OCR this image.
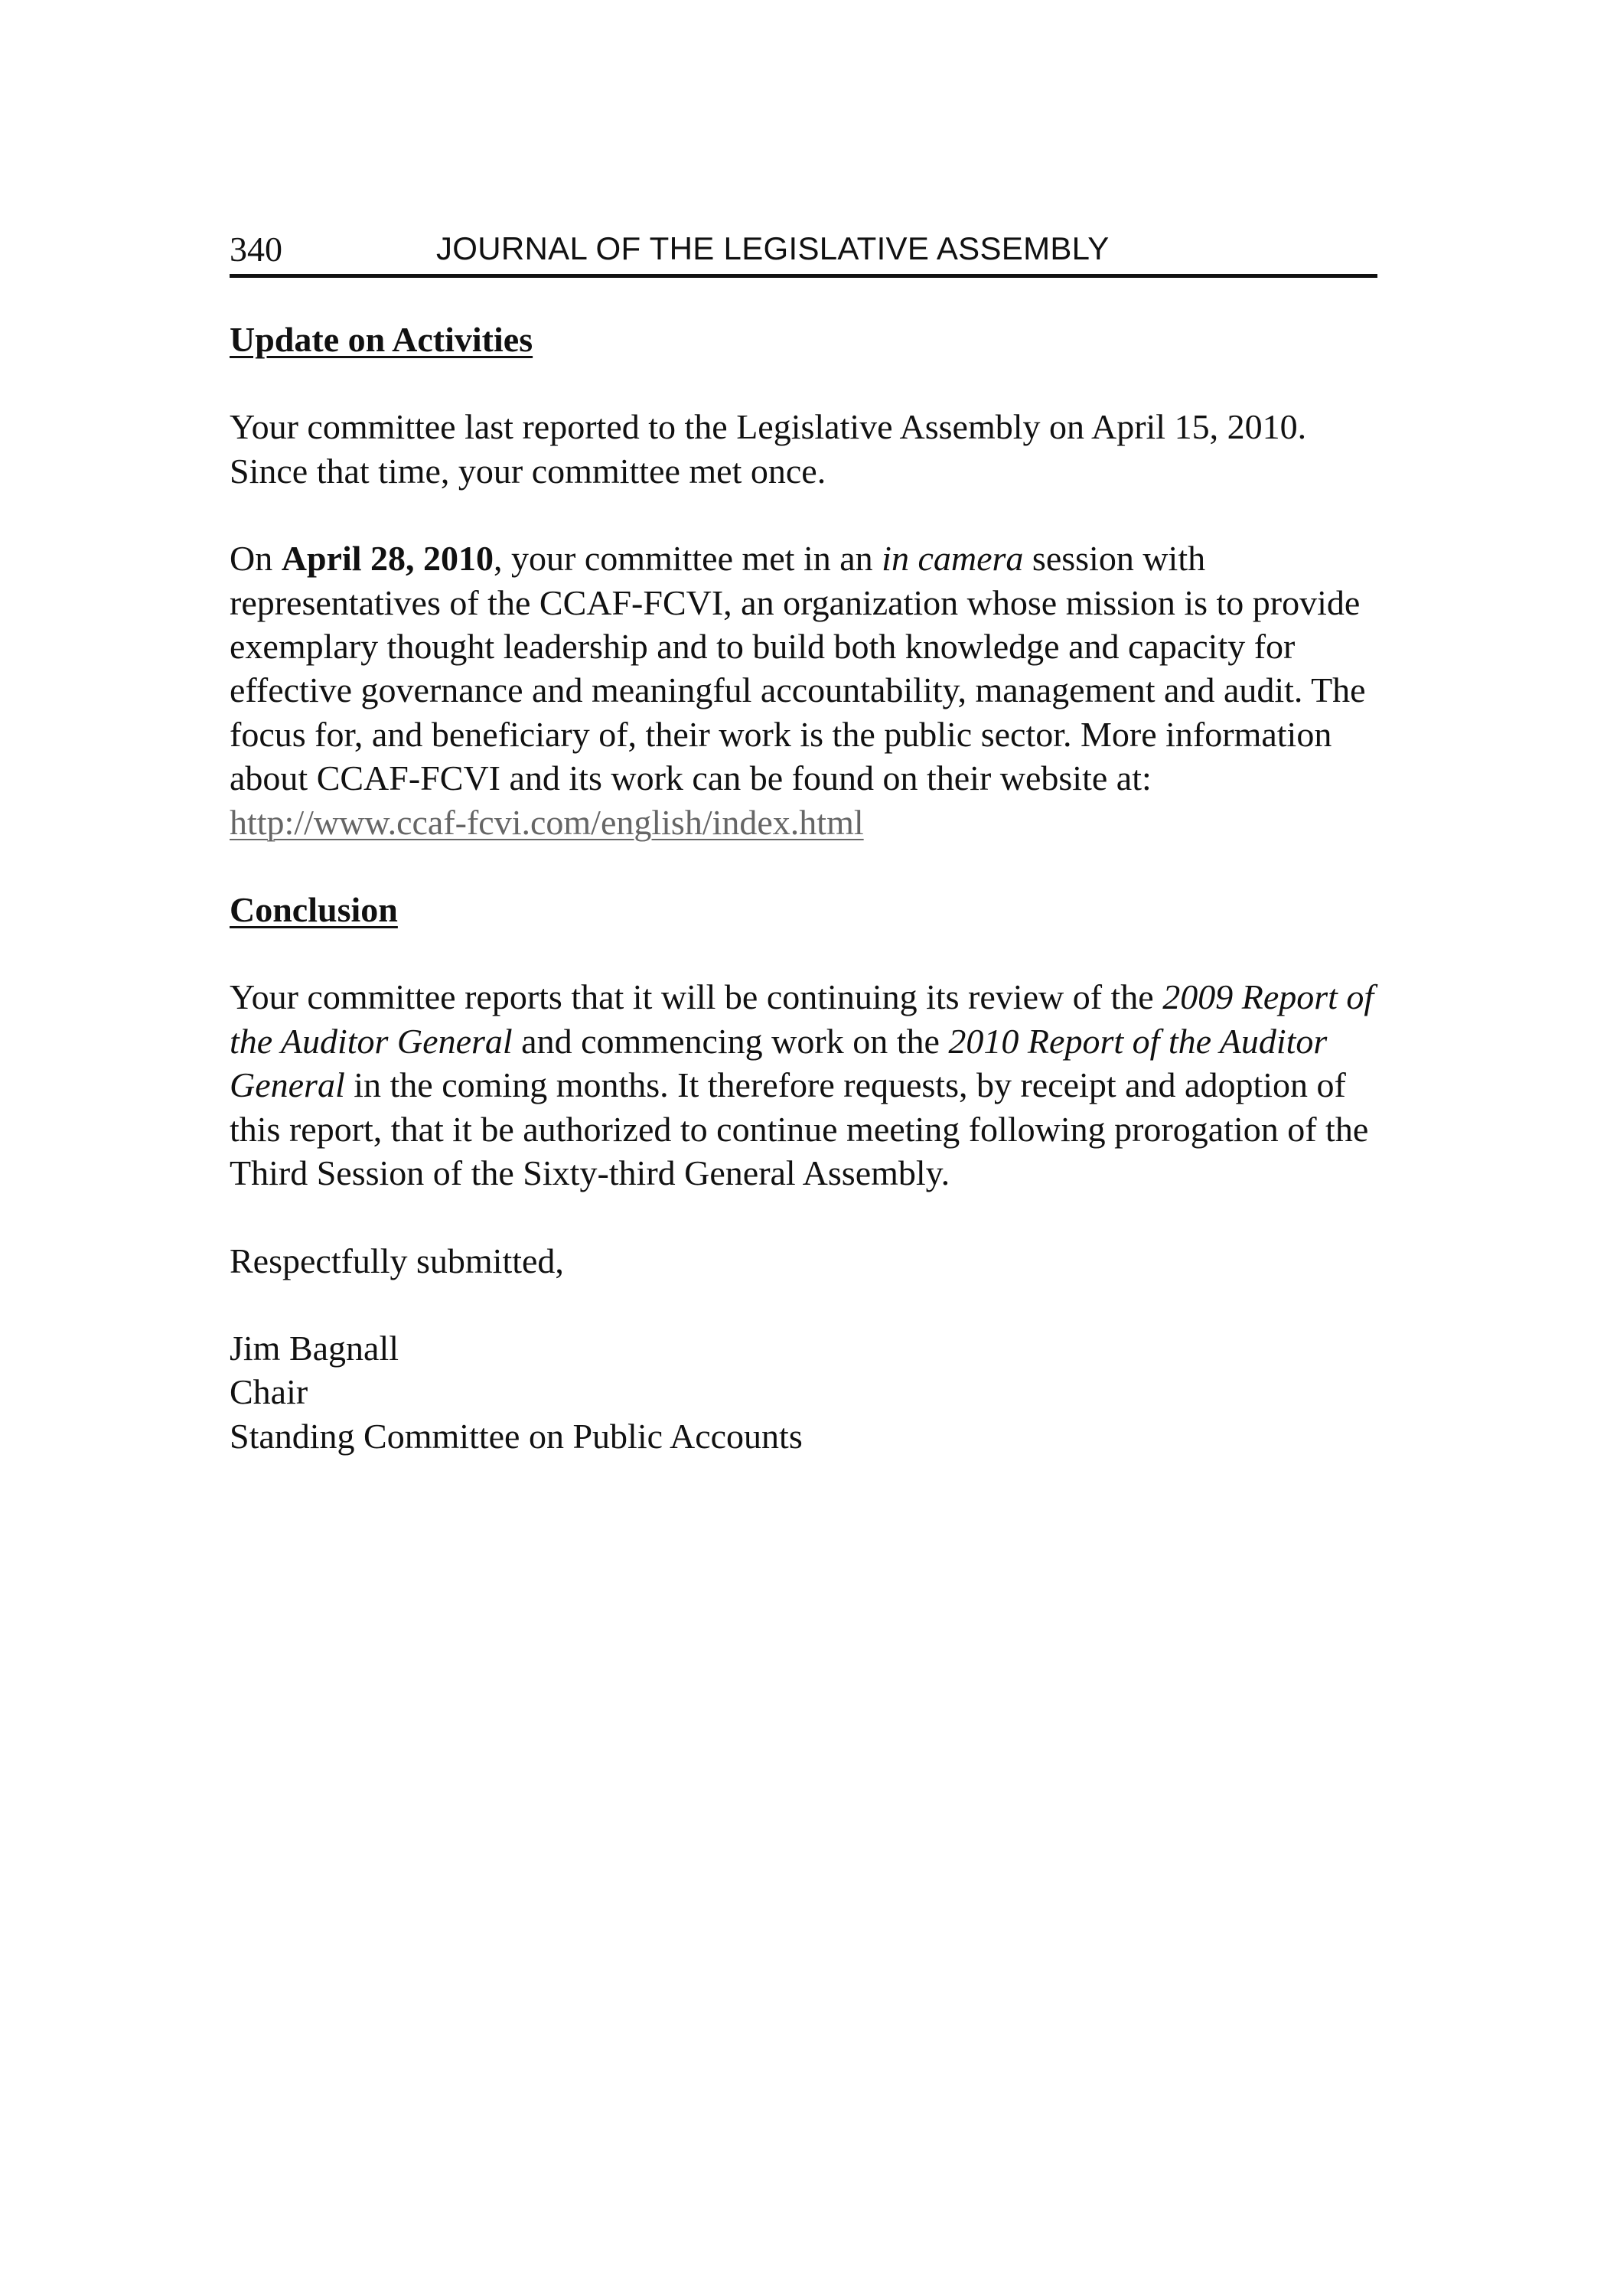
340	JOURNAL OF THE LEGISLATIVE ASSEMBLY

Update on Activities

Your committee last reported to the Legislative Assembly on April 15, 2010. Since that time, your committee met once.

On April 28, 2010, your committee met in an in camera session with representatives of the CCAF-FCVI, an organization whose mission is to provide exemplary thought leadership and to build both knowledge and capacity for effective governance and meaningful accountability, management and audit. The focus for, and beneficiary of, their work is the public sector. More information about CCAF-FCVI and its work can be found on their website at: http://www.ccaf-fcvi.com/english/index.html

Conclusion

Your committee reports that it will be continuing its review of the 2009 Report of the Auditor General and commencing work on the 2010 Report of the Auditor General in the coming months. It therefore requests, by receipt and adoption of this report, that it be authorized to continue meeting following prorogation of the Third Session of the Sixty-third General Assembly.

Respectfully submitted,

Jim Bagnall
Chair
Standing Committee on Public Accounts
